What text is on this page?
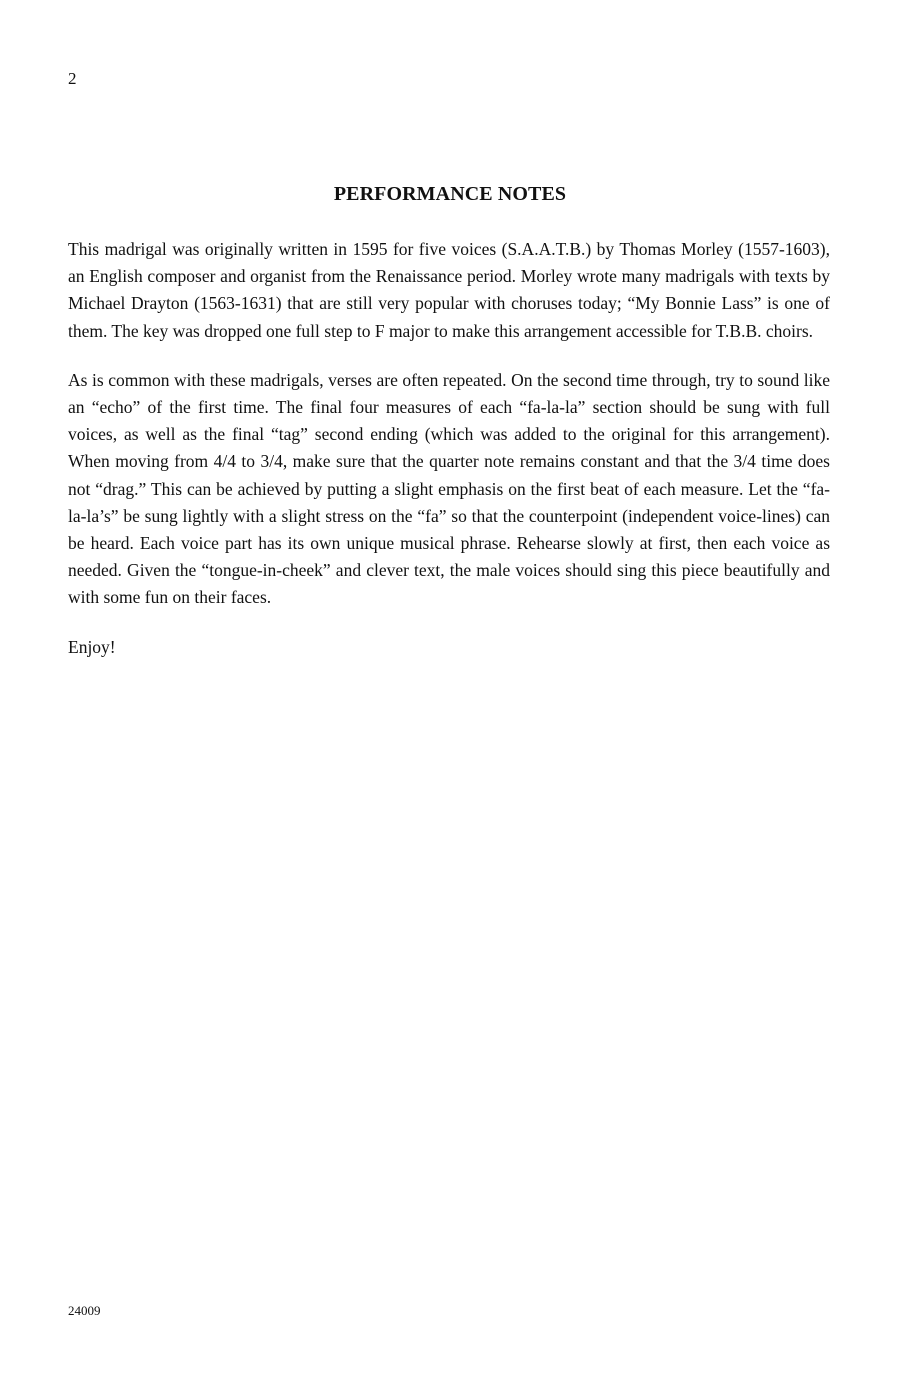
2
PERFORMANCE NOTES

This madrigal was originally written in 1595 for five voices (S.A.A.T.B.) by Thomas Morley (1557-1603), an English composer and organist from the Renaissance period. Morley wrote many madrigals with texts by Michael Drayton (1563-1631) that are still very popular with choruses today; “My Bonnie Lass” is one of them. The key was dropped one full step to F major to make this arrangement accessible for T.B.B. choirs.

As is common with these madrigals, verses are often repeated. On the second time through, try to sound like an “echo” of the first time. The final four measures of each “fa-la-la” section should be sung with full voices, as well as the final “tag” second ending (which was added to the original for this arrangement). When moving from 4/4 to 3/4, make sure that the quarter note remains constant and that the 3/4 time does not “drag.” This can be achieved by putting a slight emphasis on the first beat of each measure. Let the “fa-la-la’s” be sung lightly with a slight stress on the “fa” so that the counterpoint (independent voice-lines) can be heard. Each voice part has its own unique musical phrase. Rehearse slowly at first, then each voice as needed. Given the “tongue-in-cheek” and clever text, the male voices should sing this piece beautifully and with some fun on their faces.

Enjoy!

24009
